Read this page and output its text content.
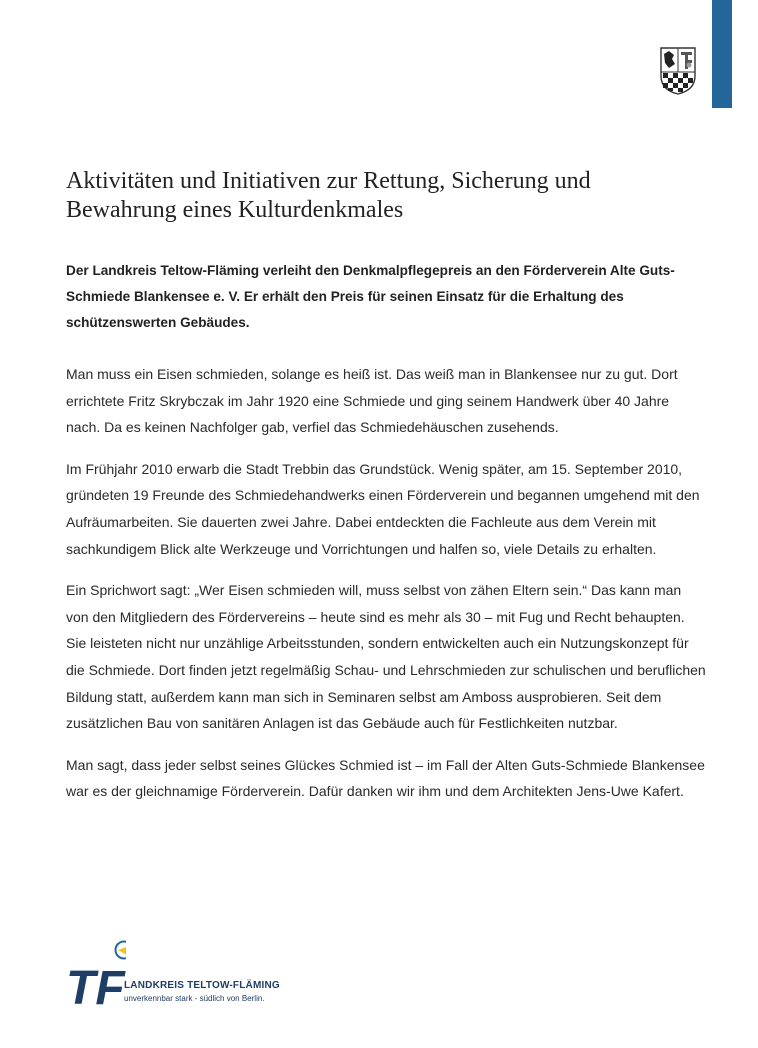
Aktivitäten und Initiativen zur Rettung, Sicherung und Bewahrung eines Kulturdenkmales

Der Landkreis Teltow-Fläming verleiht den Denkmalpflegepreis an den Förderverein Alte Guts-Schmiede Blankensee e. V. Er erhält den Preis für seinen Einsatz für die Erhaltung des schützenswerten Gebäudes.

Man muss ein Eisen schmieden, solange es heiß ist. Das weiß man in Blankensee nur zu gut. Dort errichtete Fritz Skrybczak im Jahr 1920 eine Schmiede und ging seinem Handwerk über 40 Jahre nach. Da es keinen Nachfolger gab, verfiel das Schmiedehäuschen zusehends.

Im Frühjahr 2010 erwarb die Stadt Trebbin das Grundstück. Wenig später, am 15. September 2010, gründeten 19 Freunde des Schmiedehandwerks einen Förderverein und begannen umgehend mit den Aufräumarbeiten. Sie dauerten zwei Jahre. Dabei entdeckten die Fachleute aus dem Verein mit sachkundigem Blick alte Werkzeuge und Vorrichtungen und halfen so, viele Details zu erhalten.

Ein Sprichwort sagt: „Wer Eisen schmieden will, muss selbst von zähen Eltern sein.“ Das kann man von den Mitgliedern des Fördervereins – heute sind es mehr als 30 – mit Fug und Recht behaupten. Sie leisteten nicht nur unzählige Arbeitsstunden, sondern entwickelten auch ein Nutzungskonzept für die Schmiede. Dort finden jetzt regelmäßig Schau- und Lehrschmieden zur schulischen und beruflichen Bildung statt, außerdem kann man sich in Seminaren selbst am Amboss ausprobieren. Seit dem zusätzlichen Bau von sanitären Anlagen ist das Gebäude auch für Festlichkeiten nutzbar.

Man sagt, dass jeder selbst seines Glückes Schmied ist – im Fall der Alten Guts-Schmiede Blankensee war es der gleichnamige Förderverein. Dafür danken wir ihm und dem Architekten Jens-Uwe Kafert.

TF LANDKREIS TELTOW-FLÄMING
unverkennbar stark - südlich von Berlin.
